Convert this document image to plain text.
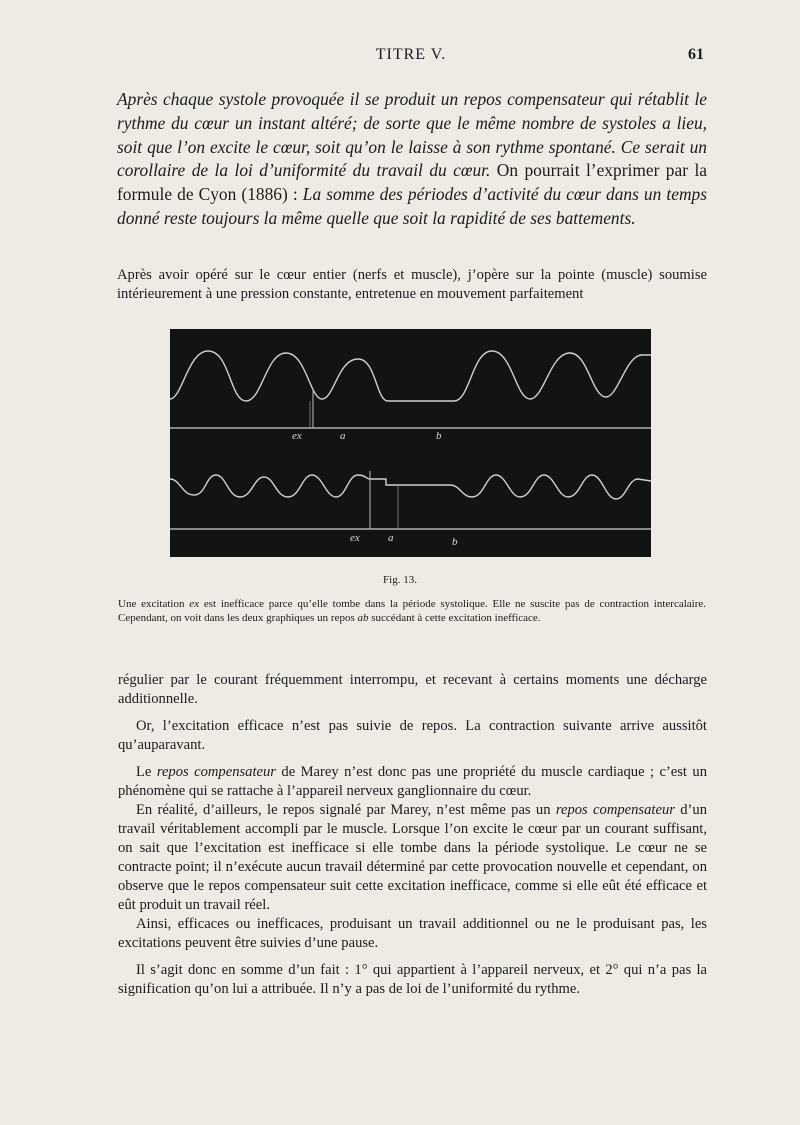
TITRE V.	61
Après chaque systole provoquée il se produit un repos compensateur qui rétablit le rythme du cœur un instant altéré; de sorte que le même nombre de systoles a lieu, soit que l’on excite le cœur, soit qu’on le laisse à son rythme spontané. Ce serait un corollaire de la loi d’uniformité du travail du cœur. On pourrait l’exprimer par la formule de Cyon (1886) : La somme des périodes d’activité du cœur dans un temps donné reste toujours la même quelle que soit la rapidité de ses battements.
Après avoir opéré sur le cœur entier (nerfs et muscle), j’opère sur la pointe (muscle) soumise intérieurement à une pression constante, entretenue en mouvement parfaitement
ex	a	b
ex	a	b
Fig. 13.
Une excitation ex est inefficace parce qu’elle tombe dans la période systolique. Elle ne suscite pas de contraction intercalaire. Cependant, on voit dans les deux graphiques un repos ab succédant à cette excitation inefficace.

régulier par le courant fréquemment interrompu, et recevant à certains moments une décharge additionnelle.

Or, l’excitation efficace n’est pas suivie de repos. La contraction suivante arrive aussitôt qu’auparavant.

Le repos compensateur de Marey n’est donc pas une propriété du muscle cardiaque ; c’est un phénomène qui se rattache à l’appareil nerveux ganglionnaire du cœur.

En réalité, d’ailleurs, le repos signalé par Marey, n’est même pas un repos compensateur d’un travail véritablement accompli par le muscle. Lorsque l’on excite le cœur par un courant suffisant, on sait que l’excitation est inefficace si elle tombe dans la période systolique. Le cœur ne se contracte point; il n’exécute aucun travail déterminé par cette provocation nouvelle et cependant, on observe que le repos compensateur suit cette excitation inefficace, comme si elle eût été efficace et eût produit un travail réel.

Ainsi, efficaces ou inefficaces, produisant un travail additionnel ou ne le produisant pas, les excitations peuvent être suivies d’une pause.

Il s’agit donc en somme d’un fait : 1° qui appartient à l’appareil nerveux, et 2° qui n’a pas la signification qu’on lui a attribuée. Il n’y a pas de loi de l’uniformité du rythme.
